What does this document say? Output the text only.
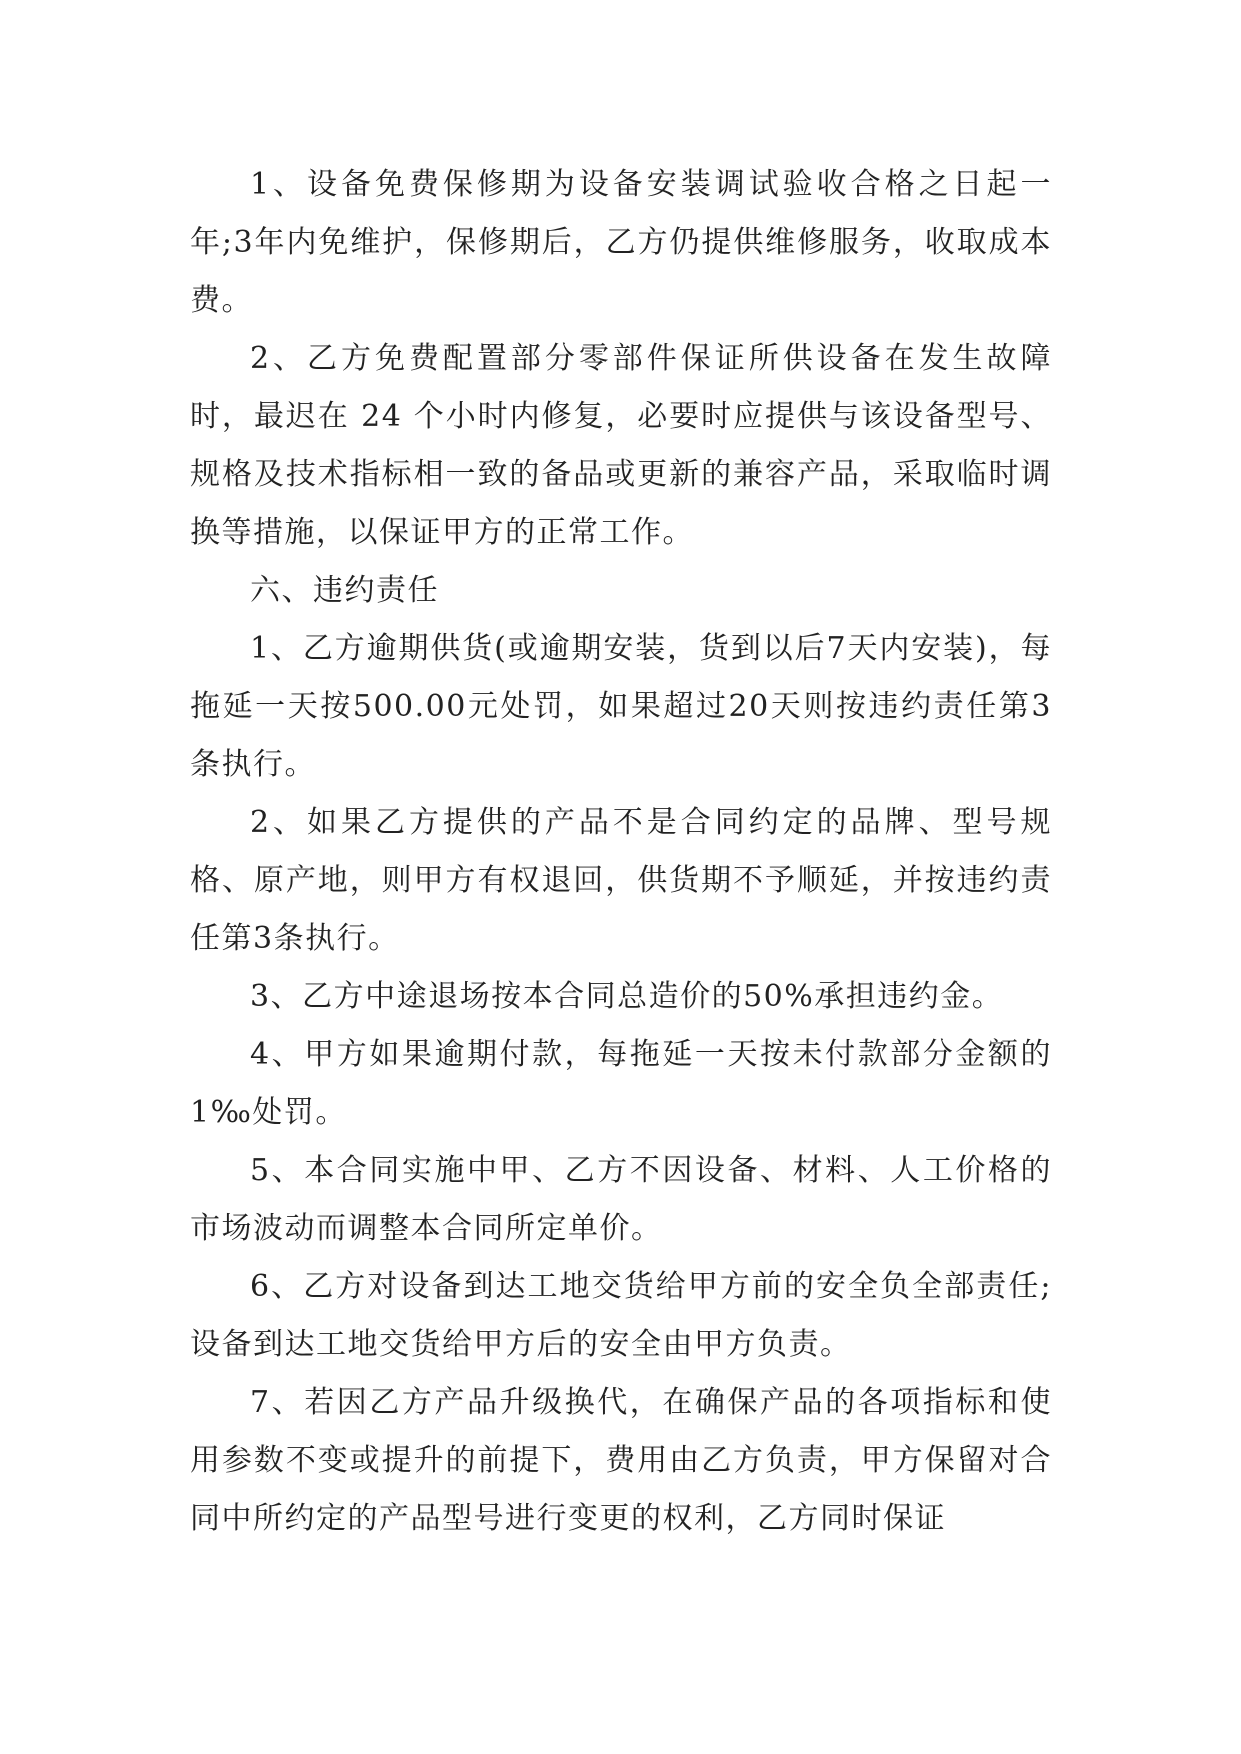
1、设备免费保修期为设备安装调试验收合格之日起一年;3年内免维护，保修期后，乙方仍提供维修服务，收取成本费。

2、乙方免费配置部分零部件保证所供设备在发生故障时，最迟在 24 个小时内修复，必要时应提供与该设备型号、规格及技术指标相一致的备品或更新的兼容产品，采取临时调换等措施，以保证甲方的正常工作。

六、违约责任

1、乙方逾期供货(或逾期安装，货到以后7天内安装)，每拖延一天按500.00元处罚，如果超过20天则按违约责任第3条执行。

2、如果乙方提供的产品不是合同约定的品牌、型号规格、原产地，则甲方有权退回，供货期不予顺延，并按违约责任第3条执行。

3、乙方中途退场按本合同总造价的50%承担违约金。

4、甲方如果逾期付款，每拖延一天按未付款部分金额的1‰处罚。

5、本合同实施中甲、乙方不因设备、材料、人工价格的市场波动而调整本合同所定单价。

6、乙方对设备到达工地交货给甲方前的安全负全部责任;设备到达工地交货给甲方后的安全由甲方负责。

7、若因乙方产品升级换代，在确保产品的各项指标和使用参数不变或提升的前提下，费用由乙方负责，甲方保留对合同中所约定的产品型号进行变更的权利，乙方同时保证
